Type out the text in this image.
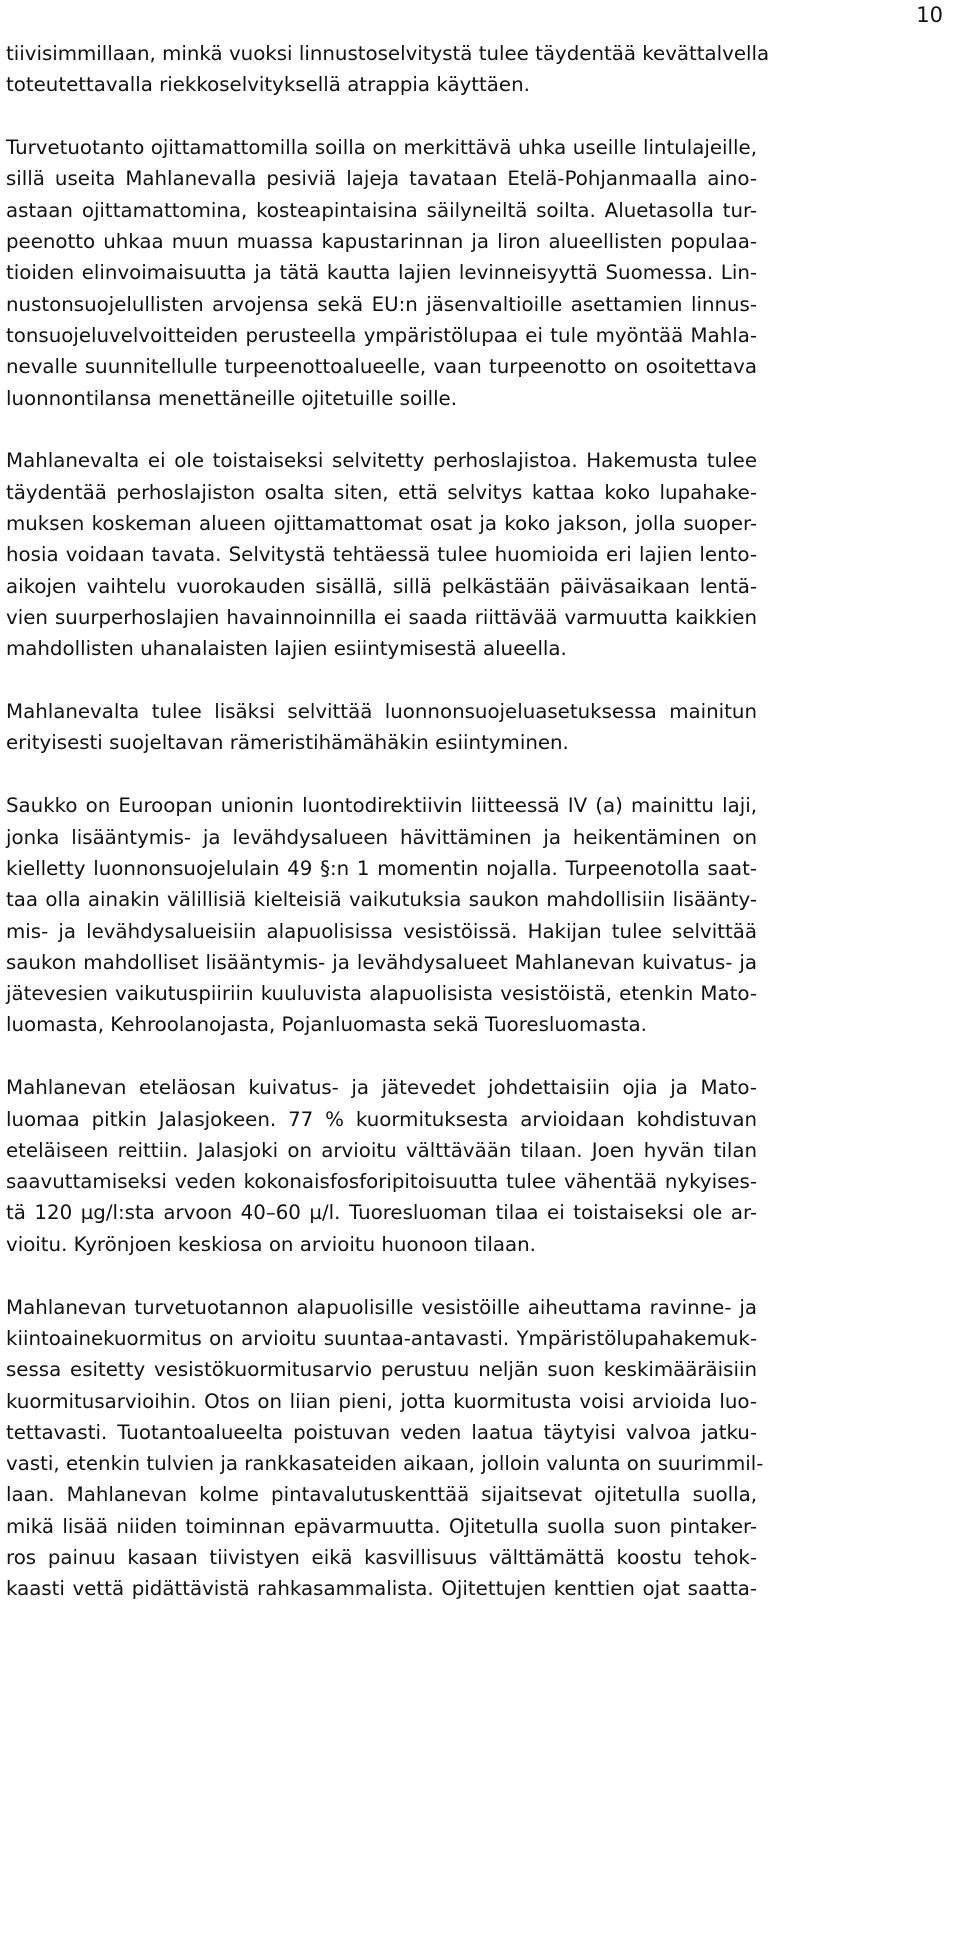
10

tiivisimmillaan, minkä vuoksi linnustoselvitystä tulee täydentää kevättalvella
toteutettavalla riekkoselvityksellä atrappia käyttäen.

Turvetuotanto ojittamattomilla soilla on merkittävä uhka useille lintulajeille,
sillä useita Mahlanevalla pesiviä lajeja tavataan Etelä-Pohjanmaalla aino-
astaan ojittamattomina, kosteapintaisina säilyneiltä soilta. Aluetasolla tur-
peenotto uhkaa muun muassa kapustarinnan ja liron alueellisten populaa-
tioiden elinvoimaisuutta ja tätä kautta lajien levinneisyyttä Suomessa. Lin-
nustonsuojelullisten arvojensa sekä EU:n jäsenvaltioille asettamien linnus-
tonsuojeluvelvoitteiden perusteella ympäristölupaa ei tule myöntää Mahla-
nevalle suunnitellulle turpeenottoalueelle, vaan turpeenotto on osoitettava
luonnontilansa menettäneille ojitetuille soille.

Mahlanevalta ei ole toistaiseksi selvitetty perhoslajistoa. Hakemusta tulee
täydentää perhoslajiston osalta siten, että selvitys kattaa koko lupahake-
muksen koskeman alueen ojittamattomat osat ja koko jakson, jolla suoper-
hosia voidaan tavata. Selvitystä tehtäessä tulee huomioida eri lajien lento-
aikojen vaihtelu vuorokauden sisällä, sillä pelkästään päiväsaikaan lentä-
vien suurperhoslajien havainnoinnilla ei saada riittävää varmuutta kaikkien
mahdollisten uhanalaisten lajien esiintymisestä alueella.

Mahlanevalta tulee lisäksi selvittää luonnonsuojeluasetuksessa mainitun
erityisesti suojeltavan rämeristihämähäkin esiintyminen.

Saukko on Euroopan unionin luontodirektiivin liitteessä IV (a) mainittu laji,
jonka lisääntymis- ja levähdysalueen hävittäminen ja heikentäminen on
kielletty luonnonsuojelulain 49 §:n 1 momentin nojalla. Turpeenotolla saat-
taa olla ainakin välillisiä kielteisiä vaikutuksia saukon mahdollisiin lisäänty-
mis- ja levähdysalueisiin alapuolisissa vesistöissä. Hakijan tulee selvittää
saukon mahdolliset lisääntymis- ja levähdysalueet Mahlanevan kuivatus- ja
jätevesien vaikutuspiiriin kuuluvista alapuolisista vesistöistä, etenkin Mato-
luomasta, Kehroolanojasta, Pojanluomasta sekä Tuoresluomasta.

Mahlanevan eteläosan kuivatus- ja jätevedet johdettaisiin ojia ja Mato-
luomaa pitkin Jalasjokeen. 77 % kuormituksesta arvioidaan kohdistuvan
eteläiseen reittiin. Jalasjoki on arvioitu välttävään tilaan. Joen hyvän tilan
saavuttamiseksi veden kokonaisfosforipitoisuutta tulee vähentää nykyises-
tä 120 µg/l:sta arvoon 40–60 µ/l. Tuoresluoman tilaa ei toistaiseksi ole ar-
vioitu. Kyrönjoen keskiosa on arvioitu huonoon tilaan.

Mahlanevan turvetuotannon alapuolisille vesistöille aiheuttama ravinne- ja
kiintoainekuormitus on arvioitu suuntaa-antavasti. Ympäristölupahakemuk-
sessa esitetty vesistökuormitusarvio perustuu neljän suon keskimääräisiin
kuormitusarvioihin. Otos on liian pieni, jotta kuormitusta voisi arvioida luo-
tettavasti. Tuotantoalueelta poistuvan veden laatua täytyisi valvoa jatku-
vasti, etenkin tulvien ja rankkasateiden aikaan, jolloin valunta on suurimmil-
laan. Mahlanevan kolme pintavalutuskenttää sijaitsevat ojitetulla suolla,
mikä lisää niiden toiminnan epävarmuutta. Ojitetulla suolla suon pintaker-
ros painuu kasaan tiivistyen eikä kasvillisuus välttämättä koostu tehok-
kaasti vettä pidättävistä rahkasammalista. Ojitettujen kenttien ojat saatta-
